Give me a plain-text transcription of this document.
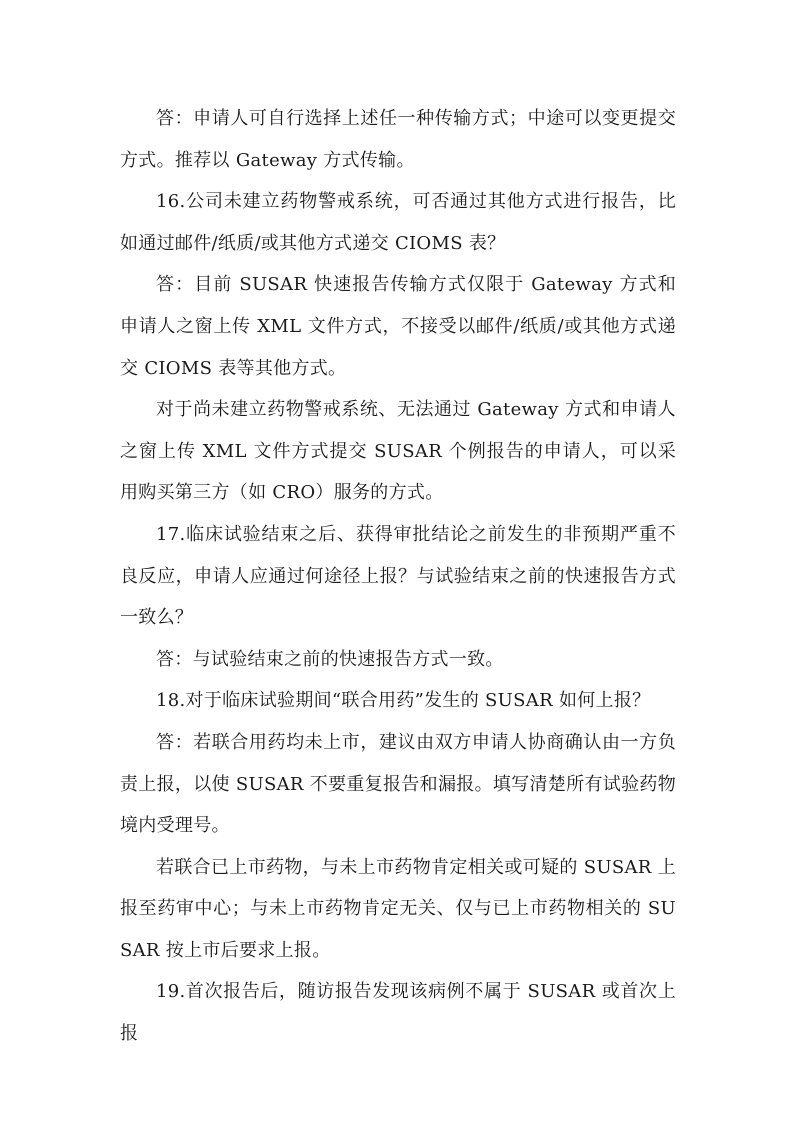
答：申请人可自行选择上述任一种传输方式；中途可以变更提交方式。推荐以 Gateway 方式传输。

16.公司未建立药物警戒系统，可否通过其他方式进行报告，比如通过邮件/纸质/或其他方式递交 CIOMS 表？

答：目前 SUSAR 快速报告传输方式仅限于 Gateway 方式和申请人之窗上传 XML 文件方式，不接受以邮件/纸质/或其他方式递交 CIOMS 表等其他方式。

对于尚未建立药物警戒系统、无法通过 Gateway 方式和申请人之窗上传 XML 文件方式提交 SUSAR 个例报告的申请人，可以采用购买第三方（如 CRO）服务的方式。

17.临床试验结束之后、获得审批结论之前发生的非预期严重不良反应，申请人应通过何途径上报？与试验结束之前的快速报告方式一致么？

答：与试验结束之前的快速报告方式一致。

18.对于临床试验期间“联合用药”发生的 SUSAR 如何上报？

答：若联合用药均未上市，建议由双方申请人协商确认由一方负责上报，以使 SUSAR 不要重复报告和漏报。填写清楚所有试验药物境内受理号。

若联合已上市药物，与未上市药物肯定相关或可疑的 SUSAR 上报至药审中心；与未上市药物肯定无关、仅与已上市药物相关的 SUSAR 按上市后要求上报。

19.首次报告后，随访报告发现该病例不属于 SUSAR 或首次上报
